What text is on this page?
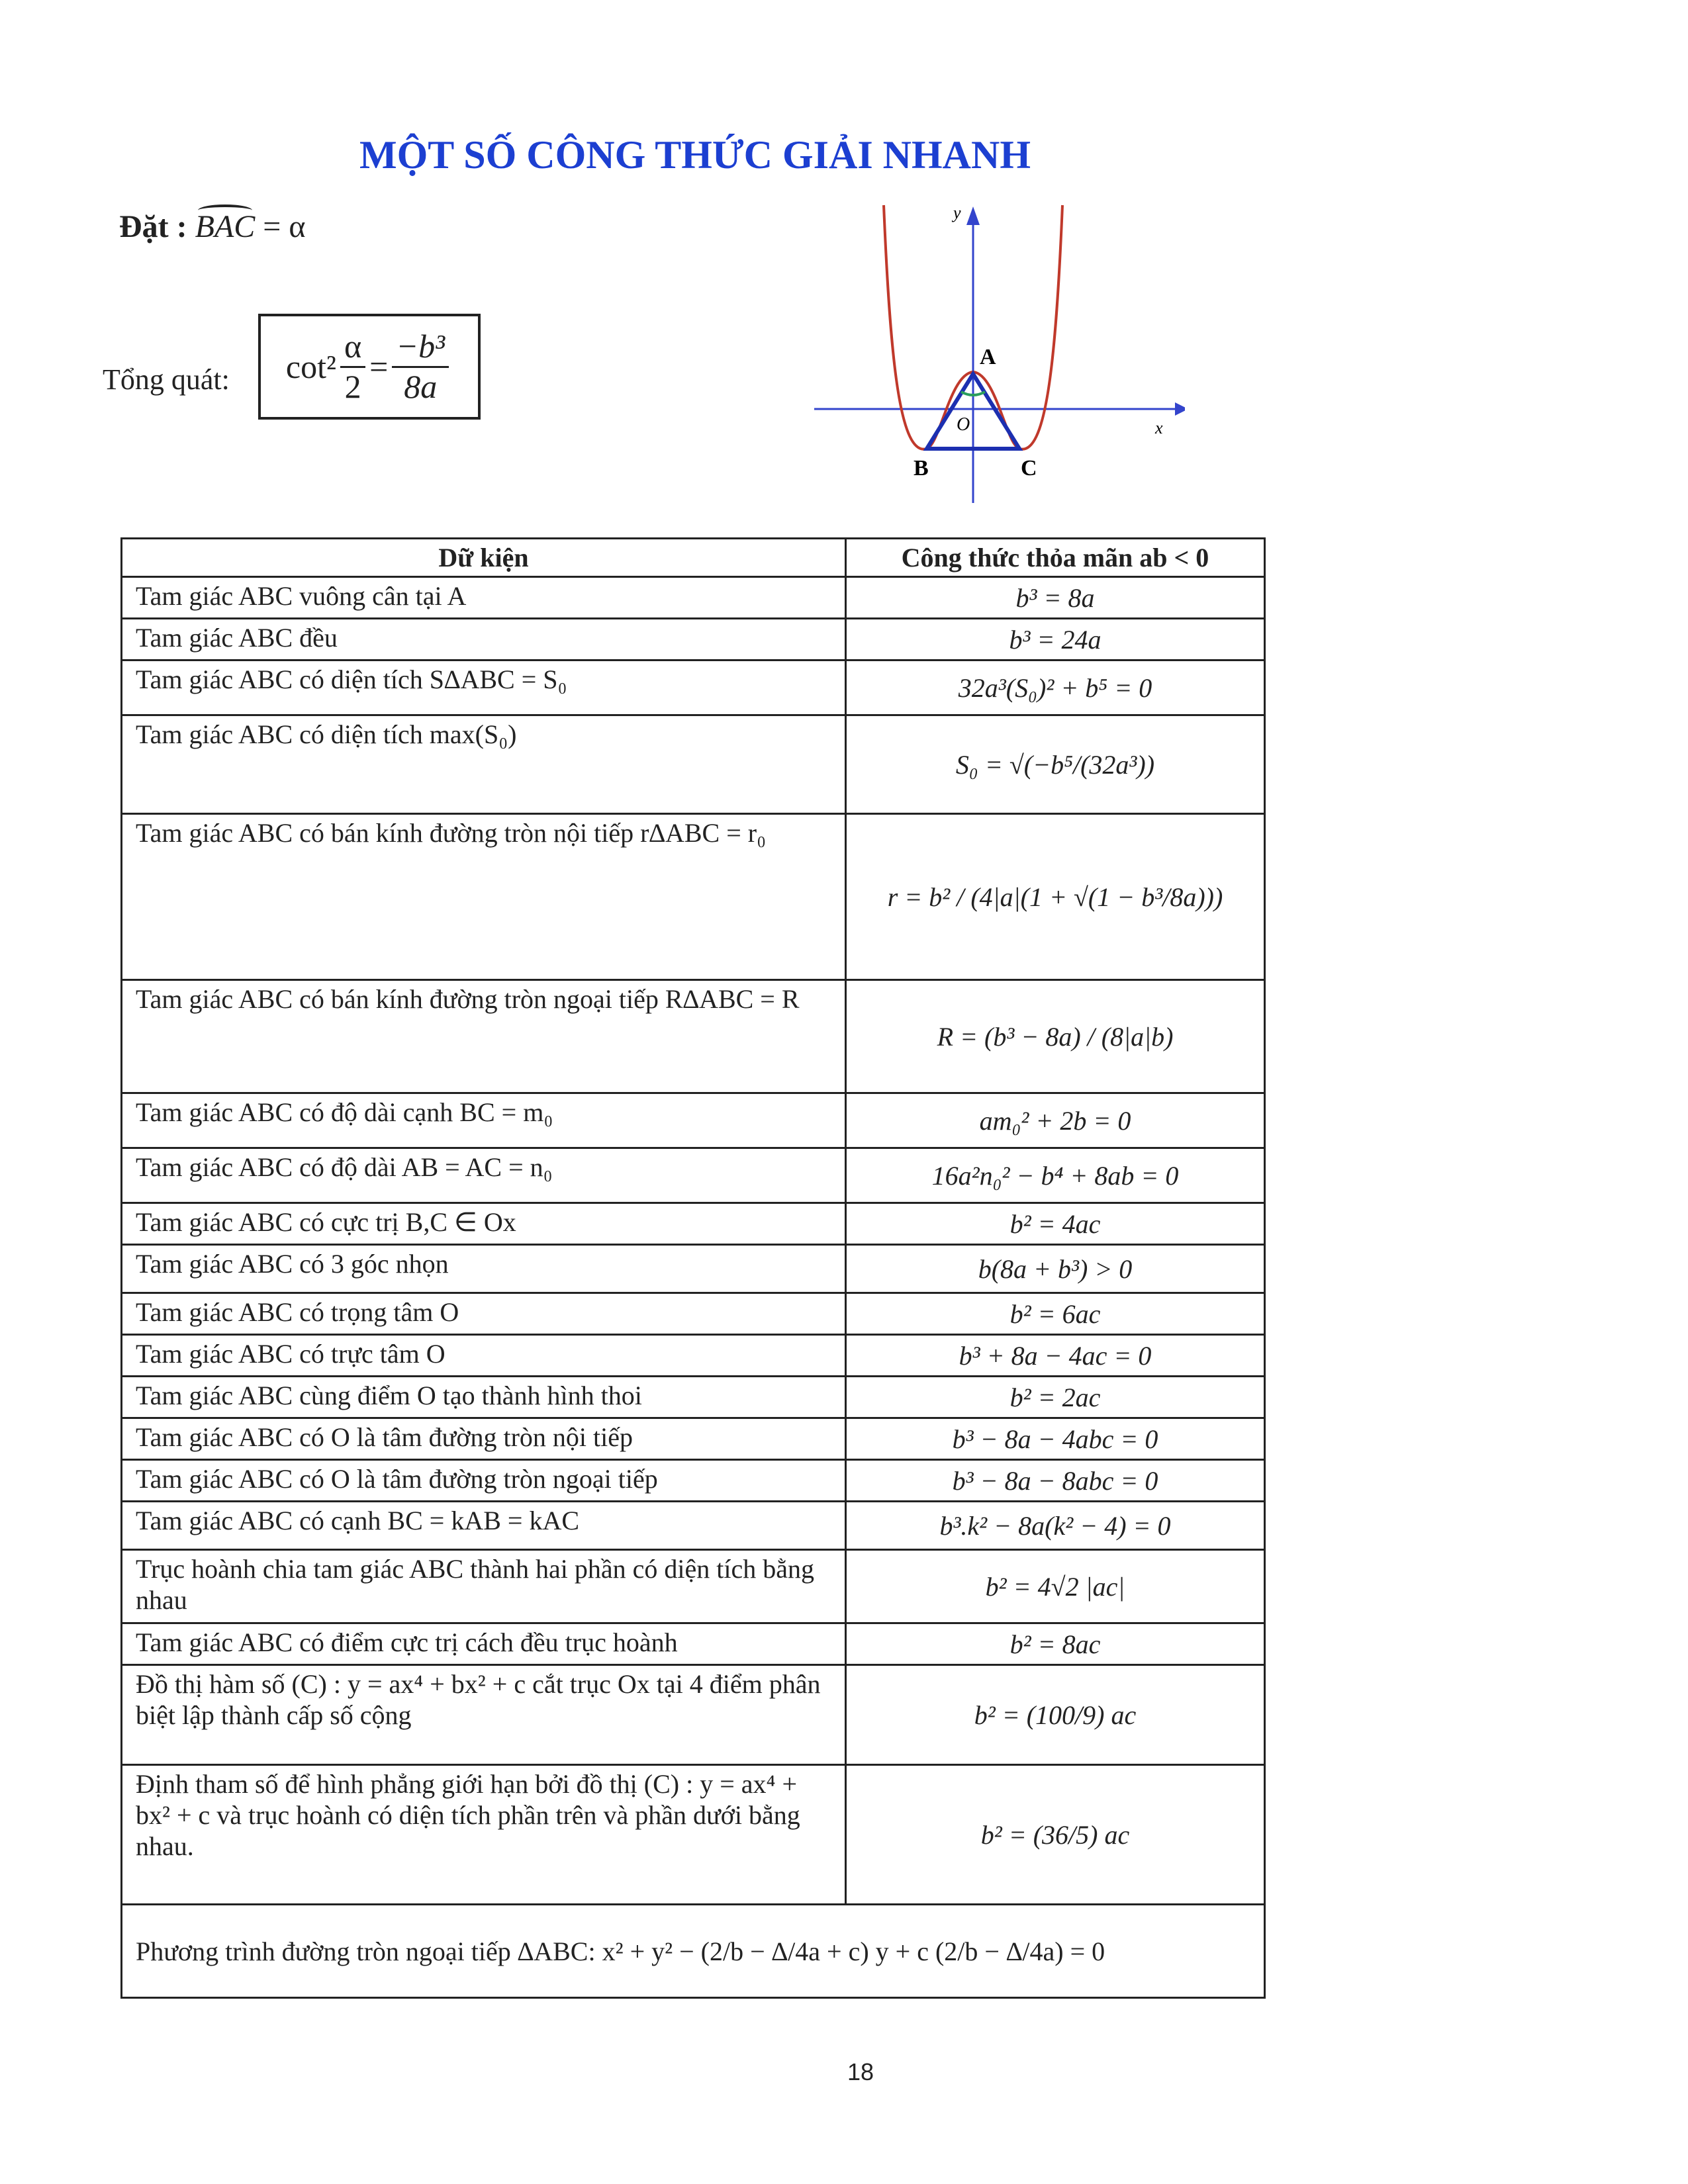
MỘT SỐ CÔNG THỨC GIẢI NHANH
Đặt : BAC = α
Tổng quát: $\cot^2 \frac{\alpha}{2} = \frac{\text{−b³}}{8a}$
y
x
A
B	C
O
Dữ kiện	Công thức thỏa mãn ab < 0
Tam giác ABC vuông cân tại A	b³ = 8a
Tam giác ABC đều	b³ = 24a
Tam giác ABC có diện tích S∆ABC = S₀	32a³(S₀)² + b⁵ = 0
Tam giác ABC có diện tích max(S₀)	S₀ = √(−b⁵/(32a³))
Tam giác ABC có bán kính đường tròn nội tiếp r∆ABC = r₀	r = b² / (4|a|(1 + √(1 − b³/8a)))
Tam giác ABC có bán kính đường tròn ngoại tiếp R∆ABC = R	R = (b³ − 8a) / (8|a|b)
Tam giác ABC có độ dài cạnh BC = m₀	am₀² + 2b = 0
Tam giác ABC có độ dài AB = AC = n₀	16a²n₀² − b⁴ + 8ab = 0
Tam giác ABC có cực trị B,C ∈ Ox	b² = 4ac
Tam giác ABC có 3 góc nhọn	b(8a + b³) > 0
Tam giác ABC có trọng tâm O	b² = 6ac
Tam giác ABC có trực tâm O	b³ + 8a − 4ac = 0
Tam giác ABC cùng điểm O tạo thành hình thoi	b² = 2ac
Tam giác ABC có O là tâm đường tròn nội tiếp	b³ − 8a − 4abc = 0
Tam giác ABC có O là tâm đường tròn ngoại tiếp	b³ − 8a − 8abc = 0
Tam giác ABC có cạnh BC = kAB = kAC	b³.k² − 8a(k² − 4) = 0
Trục hoành chia tam giác ABC thành hai phần có diện tích bằng nhau	b² = 4√2 |ac|
Tam giác ABC có điểm cực trị cách đều trục hoành	b² = 8ac
Đồ thị hàm số (C) : y = ax⁴ + bx² + c cắt trục Ox tại 4 điểm phân biệt lập thành cấp số cộng	b² = (100/9) ac
Định tham số để hình phẳng giới hạn bởi đồ thị (C) : y = ax⁴ + bx² + c và trục hoành có diện tích phần trên và phần dưới bằng nhau.	b² = (36/5) ac
Phương trình đường tròn ngoại tiếp ∆ABC: x² + y² − (2/b − ∆/4a + c) y + c (2/b − ∆/4a) = 0	
18
